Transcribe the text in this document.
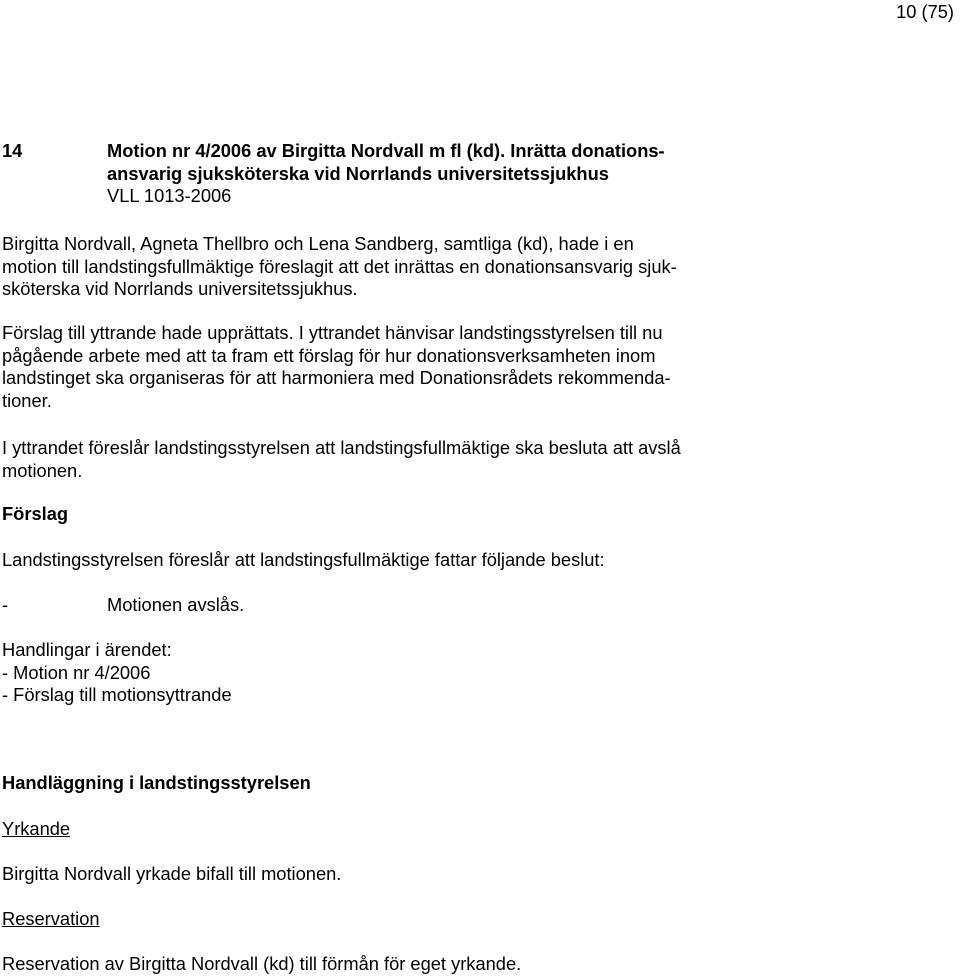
10 (75)
14	Motion nr 4/2006 av Birgitta Nordvall m fl (kd). Inrätta donations-
ansvarig sjuksköterska vid Norrlands universitetssjukhus
VLL 1013-2006
Birgitta Nordvall, Agneta Thellbro och Lena Sandberg, samtliga (kd), hade i en
motion till landstingsfullmäktige föreslagit att det inrättas en donationsansvarig sjuk-
sköterska vid Norrlands universitetssjukhus.
Förslag till yttrande hade upprättats. I yttrandet hänvisar landstingsstyrelsen till nu
pågående arbete med att ta fram ett förslag för hur donationsverksamheten inom
landstinget ska organiseras för att harmoniera med Donationsrådets rekommenda-
tioner.
I yttrandet föreslår landstingsstyrelsen att landstingsfullmäktige ska besluta att avslå
motionen.
Förslag
Landstingsstyrelsen föreslår att landstingsfullmäktige fattar följande beslut:
-	Motionen avslås.
Handlingar i ärendet:
- Motion nr 4/2006
- Förslag till motionsyttrande
Handläggning i landstingsstyrelsen
Yrkande
Birgitta Nordvall yrkade bifall till motionen.
Reservation
Reservation av Birgitta Nordvall (kd) till förmån för eget yrkande.
